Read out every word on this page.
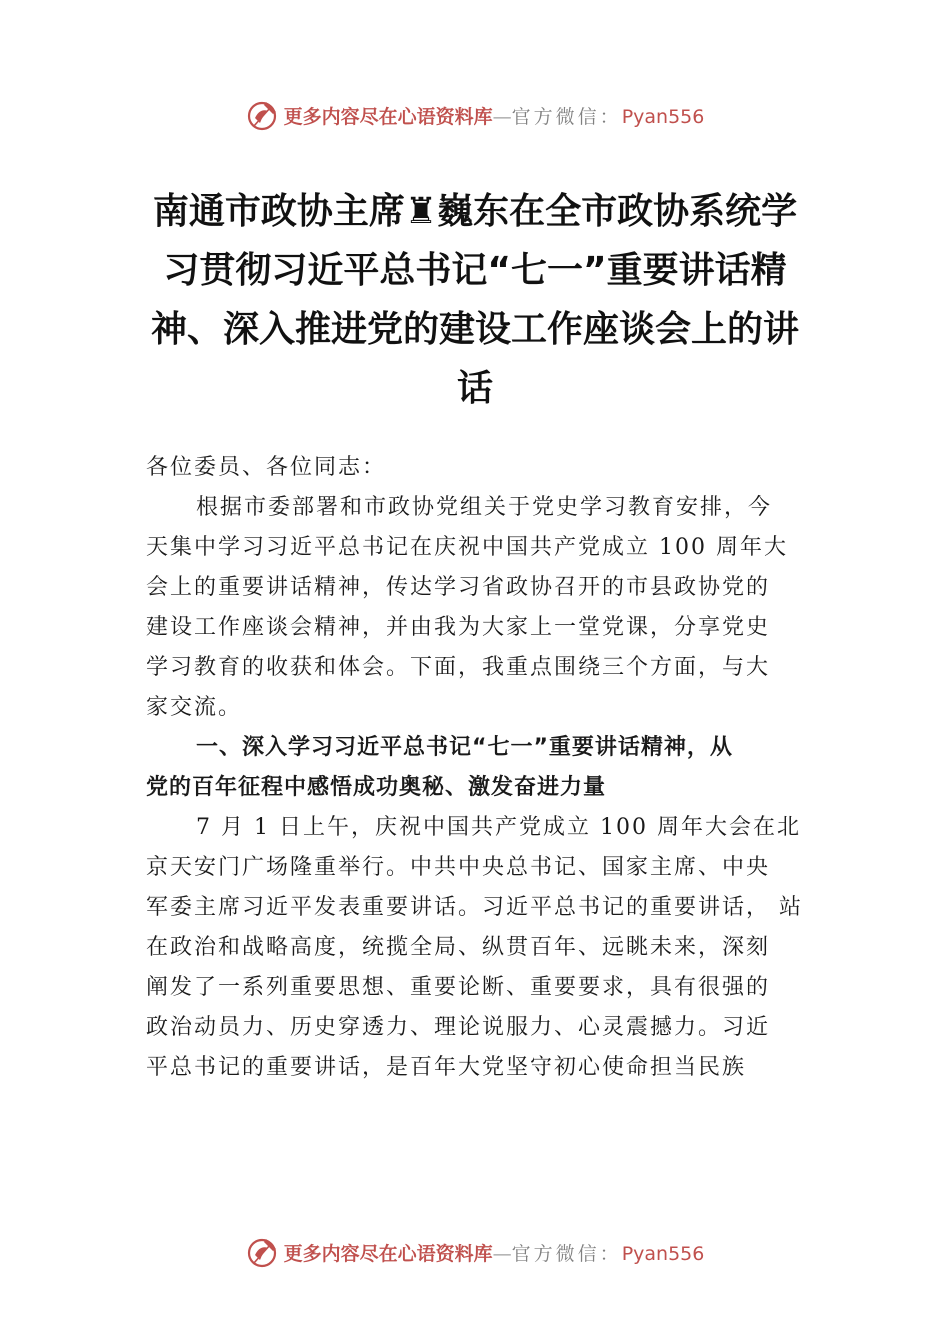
更多内容尽在心语资料库—官方微信：Pyan556
南通市政协主席♜巍东在全市政协系统学
习贯彻习近平总书记“七一”重要讲话精
神、深入推进党的建设工作座谈会上的讲
话
各位委员、各位同志：
根据市委部署和市政协党组关于党史学习教育安排，今
天集中学习习近平总书记在庆祝中国共产党成立 100 周年大
会上的重要讲话精神，传达学习省政协召开的市县政协党的
建设工作座谈会精神，并由我为大家上一堂党课，分享党史
学习教育的收获和体会。下面，我重点围绕三个方面，与大
家交流。
一、深入学习习近平总书记“七一”重要讲话精神，从
党的百年征程中感悟成功奥秘、激发奋进力量
7 月 1 日上午，庆祝中国共产党成立 100 周年大会在北
京天安门广场隆重举行。中共中央总书记、国家主席、中央
军委主席习近平发表重要讲话。习近平总书记的重要讲话， 站
在政治和战略高度，统揽全局、纵贯百年、远眺未来，深刻
阐发了一系列重要思想、重要论断、重要要求，具有很强的
政治动员力、历史穿透力、理论说服力、心灵震撼力。习近
平总书记的重要讲话，是百年大党坚守初心使命担当民族
更多内容尽在心语资料库—官方微信：Pyan556
